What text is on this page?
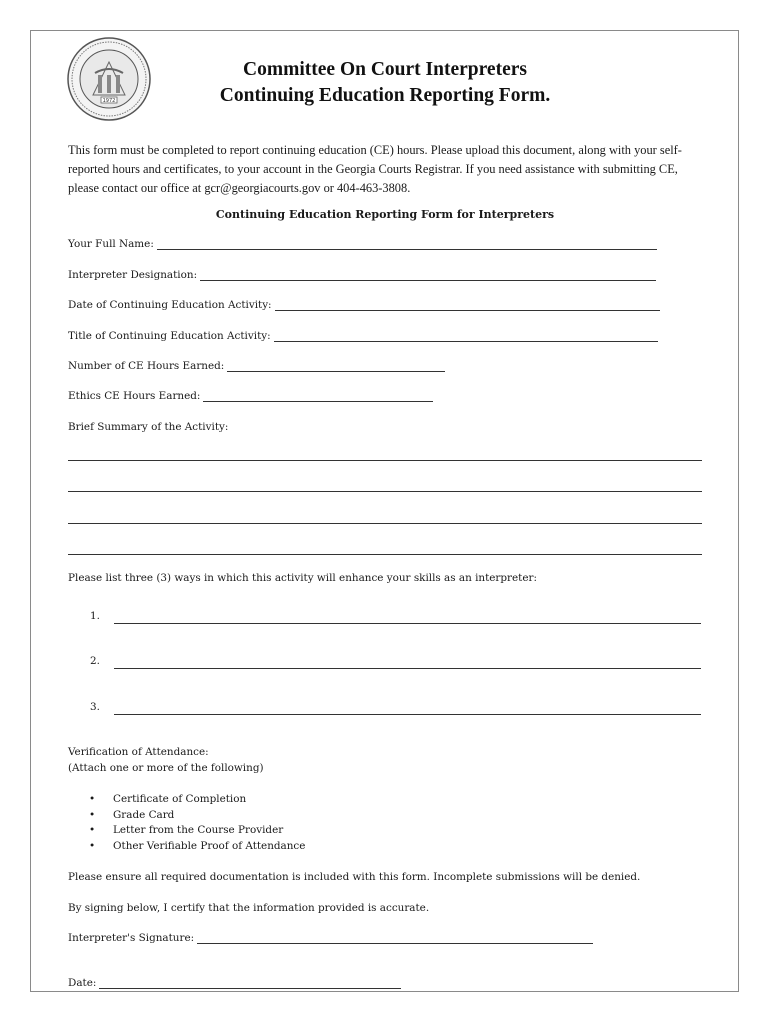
1972
Committee On Court Interpreters
Continuing Education Reporting Form.
This form must be completed to report continuing education (CE) hours. Please upload this document, along with your self-reported hours and certificates, to your account in the Georgia Courts Registrar. If you need assistance with submitting CE, please contact our office at gcr@georgiacourts.gov or 404-463-3808.
Continuing Education Reporting Form for Interpreters
Your Full Name:
Interpreter Designation:
Date of Continuing Education Activity:
Title of Continuing Education Activity:
Number of CE Hours Earned:
Ethics CE Hours Earned:
Brief Summary of the Activity:
Please list three (3) ways in which this activity will enhance your skills as an interpreter:
1.
2.
3.
Verification of Attendance:
(Attach one or more of the following)
• Certificate of Completion
• Grade Card
• Letter from the Course Provider
• Other Verifiable Proof of Attendance
Please ensure all required documentation is included with this form. Incomplete submissions will be denied.
By signing below, I certify that the information provided is accurate.
Interpreter's Signature:
Date:
